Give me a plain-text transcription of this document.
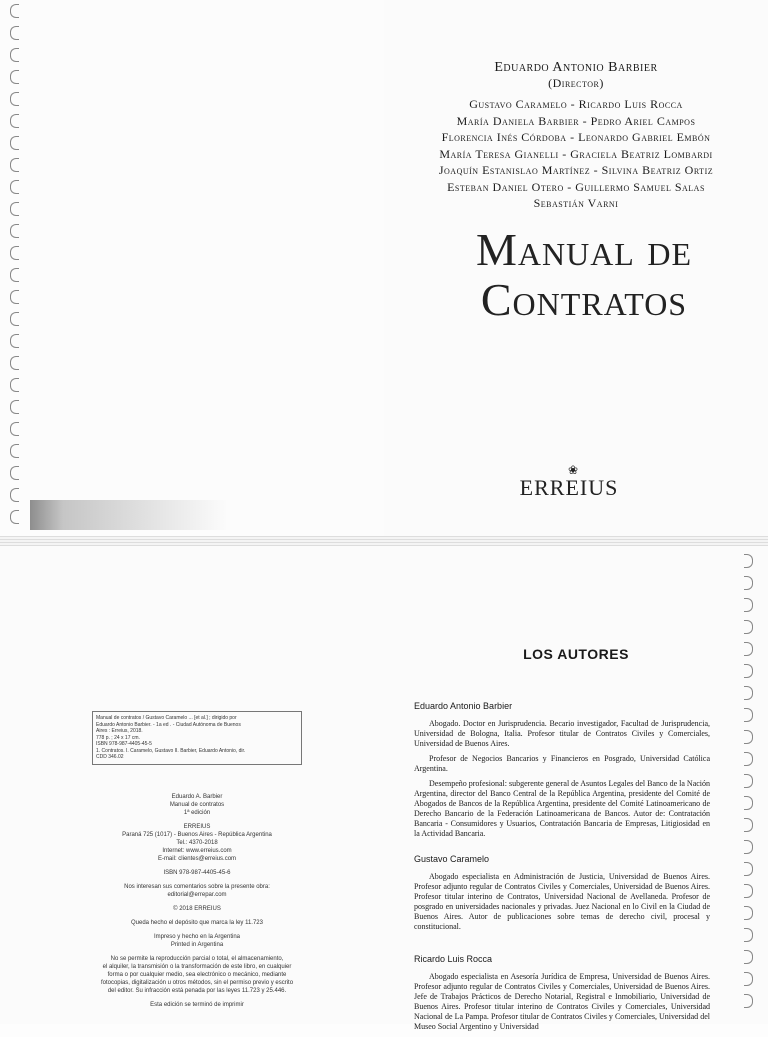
Eduardo Antonio Barbier
(Director)
Gustavo Caramelo - Ricardo Luis Rocca
María Daniela Barbier - Pedro Ariel Campos
Florencia Inés Córdoba - Leonardo Gabriel Embón
María Teresa Gianelli - Graciela Beatriz Lombardi
Joaquín Estanislao Martínez - Silvina Beatriz Ortiz
Esteban Daniel Otero - Guillermo Samuel Salas
Sebastián Varni
Manual de
Contratos
❀
ERREIUS
Manual de contratos / Gustavo Caramelo ... [et al.] ; dirigido por
Eduardo Antonio Barbier. - 1a ed . - Ciudad Autónoma de Buenos
Aires : Erreius, 2018.
778 p. ; 24 x 17 cm.
ISBN 978-987-4405-45-5
1. Contratos. I. Caramelo, Gustavo II. Barbier, Eduardo Antonio, dir.
CDD 346.02
Eduardo A. Barbier
Manual de contratos
1ª edición
ERREIUS
Paraná 725 (1017) - Buenos Aires - República Argentina
Tel.: 4370-2018
Internet: www.erreius.com
E-mail: clientes@erreius.com
ISBN 978-987-4405-45-6
Nos interesan sus comentarios sobre la presente obra:
editorial@errepar.com
© 2018 ERREIUS
Queda hecho el depósito que marca la ley 11.723
Impreso y hecho en la Argentina
Printed in Argentina
No se permite la reproducción parcial o total, el almacenamiento,
el alquiler, la transmisión o la transformación de este libro, en cualquier
forma o por cualquier medio, sea electrónico o mecánico, mediante
fotocopias, digitalización u otros métodos, sin el permiso previo y escrito
del editor. Su infracción está penada por las leyes 11.723 y 25.446.
Esta edición se terminó de imprimir
LOS AUTORES
Eduardo Antonio Barbier

Abogado. Doctor en Jurisprudencia. Becario investigador, Facultad de Jurisprudencia, Universidad de Bologna, Italia. Profesor titular de Contratos Civiles y Comerciales, Universidad de Buenos Aires.

Profesor de Negocios Bancarios y Financieros en Posgrado, Universidad Católica Argentina.

Desempeño profesional: subgerente general de Asuntos Legales del Banco de la Nación Argentina, director del Banco Central de la República Argentina, presidente del Comité de Abogados de Bancos de la República Argentina, presidente del Comité Latinoamericano de Derecho Bancario de la Federación Latinoamericana de Bancos. Autor de: Contratación Bancaria - Consumidores y Usuarios, Contratación Bancaria de Empresas, Litigiosidad en la Actividad Bancaria.

Gustavo Caramelo

Abogado especialista en Administración de Justicia, Universidad de Buenos Aires. Profesor adjunto regular de Contratos Civiles y Comerciales, Universidad de Buenos Aires. Profesor titular interino de Contratos, Universidad Nacional de Avellaneda. Profesor de posgrado en universidades nacionales y privadas. Juez Nacional en lo Civil en la Ciudad de Buenos Aires. Autor de publicaciones sobre temas de derecho civil, procesal y constitucional.

Ricardo Luis Rocca

Abogado especialista en Asesoría Jurídica de Empresa, Universidad de Buenos Aires. Profesor adjunto regular de Contratos Civiles y Comerciales, Universidad de Buenos Aires. Jefe de Trabajos Prácticos de Derecho Notarial, Registral e Inmobiliario, Universidad de Buenos Aires. Profesor titular interino de Contratos Civiles y Comerciales, Universidad Nacional de La Pampa. Profesor titular de Contratos Civiles y Comerciales, Universidad del Museo Social Argentino y Universidad
